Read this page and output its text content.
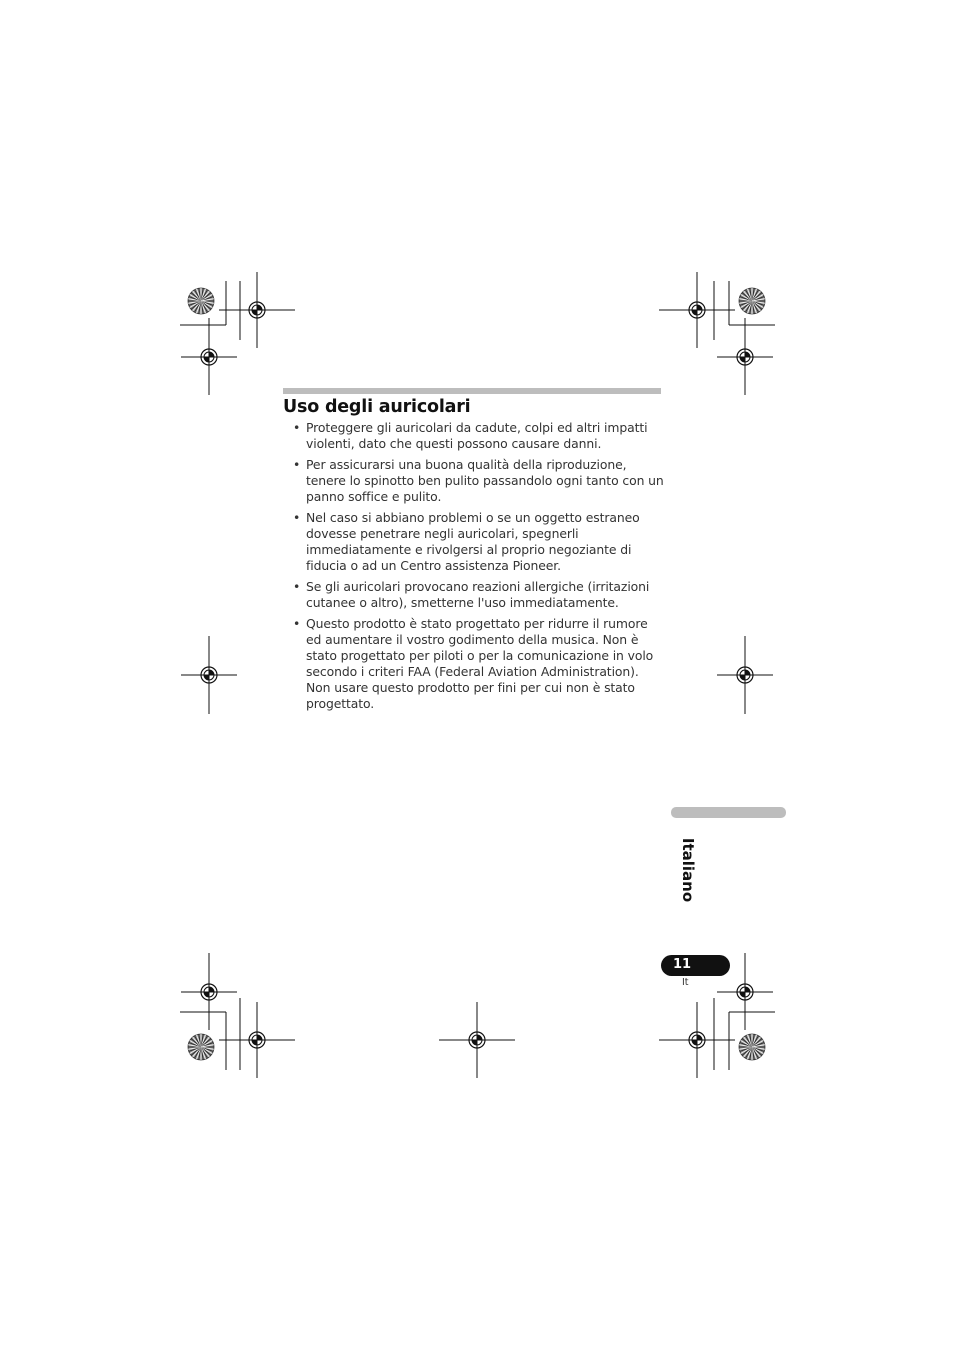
Uso degli auricolari
• Proteggere gli auricolari da cadute, colpi ed altri impatti violenti, dato che questi possono causare danni.
• Per assicurarsi una buona qualità della riproduzione, tenere lo spinotto ben pulito passandolo ogni tanto con un panno soffice e pulito.
• Nel caso si abbiano problemi o se un oggetto estraneo dovesse penetrare negli auricolari, spegnerli immediatamente e rivolgersi al proprio negoziante di fiducia o ad un Centro assistenza Pioneer.
• Se gli auricolari provocano reazioni allergiche (irritazioni cutanee o altro), smetterne l'uso immediatamente.
• Questo prodotto è stato progettato per ridurre il rumore ed aumentare il vostro godimento della musica. Non è stato progettato per piloti o per la comunicazione in volo secondo i criteri FAA (Federal Aviation Administration). Non usare questo prodotto per fini per cui non è stato progettato.
Italiano
11
It
